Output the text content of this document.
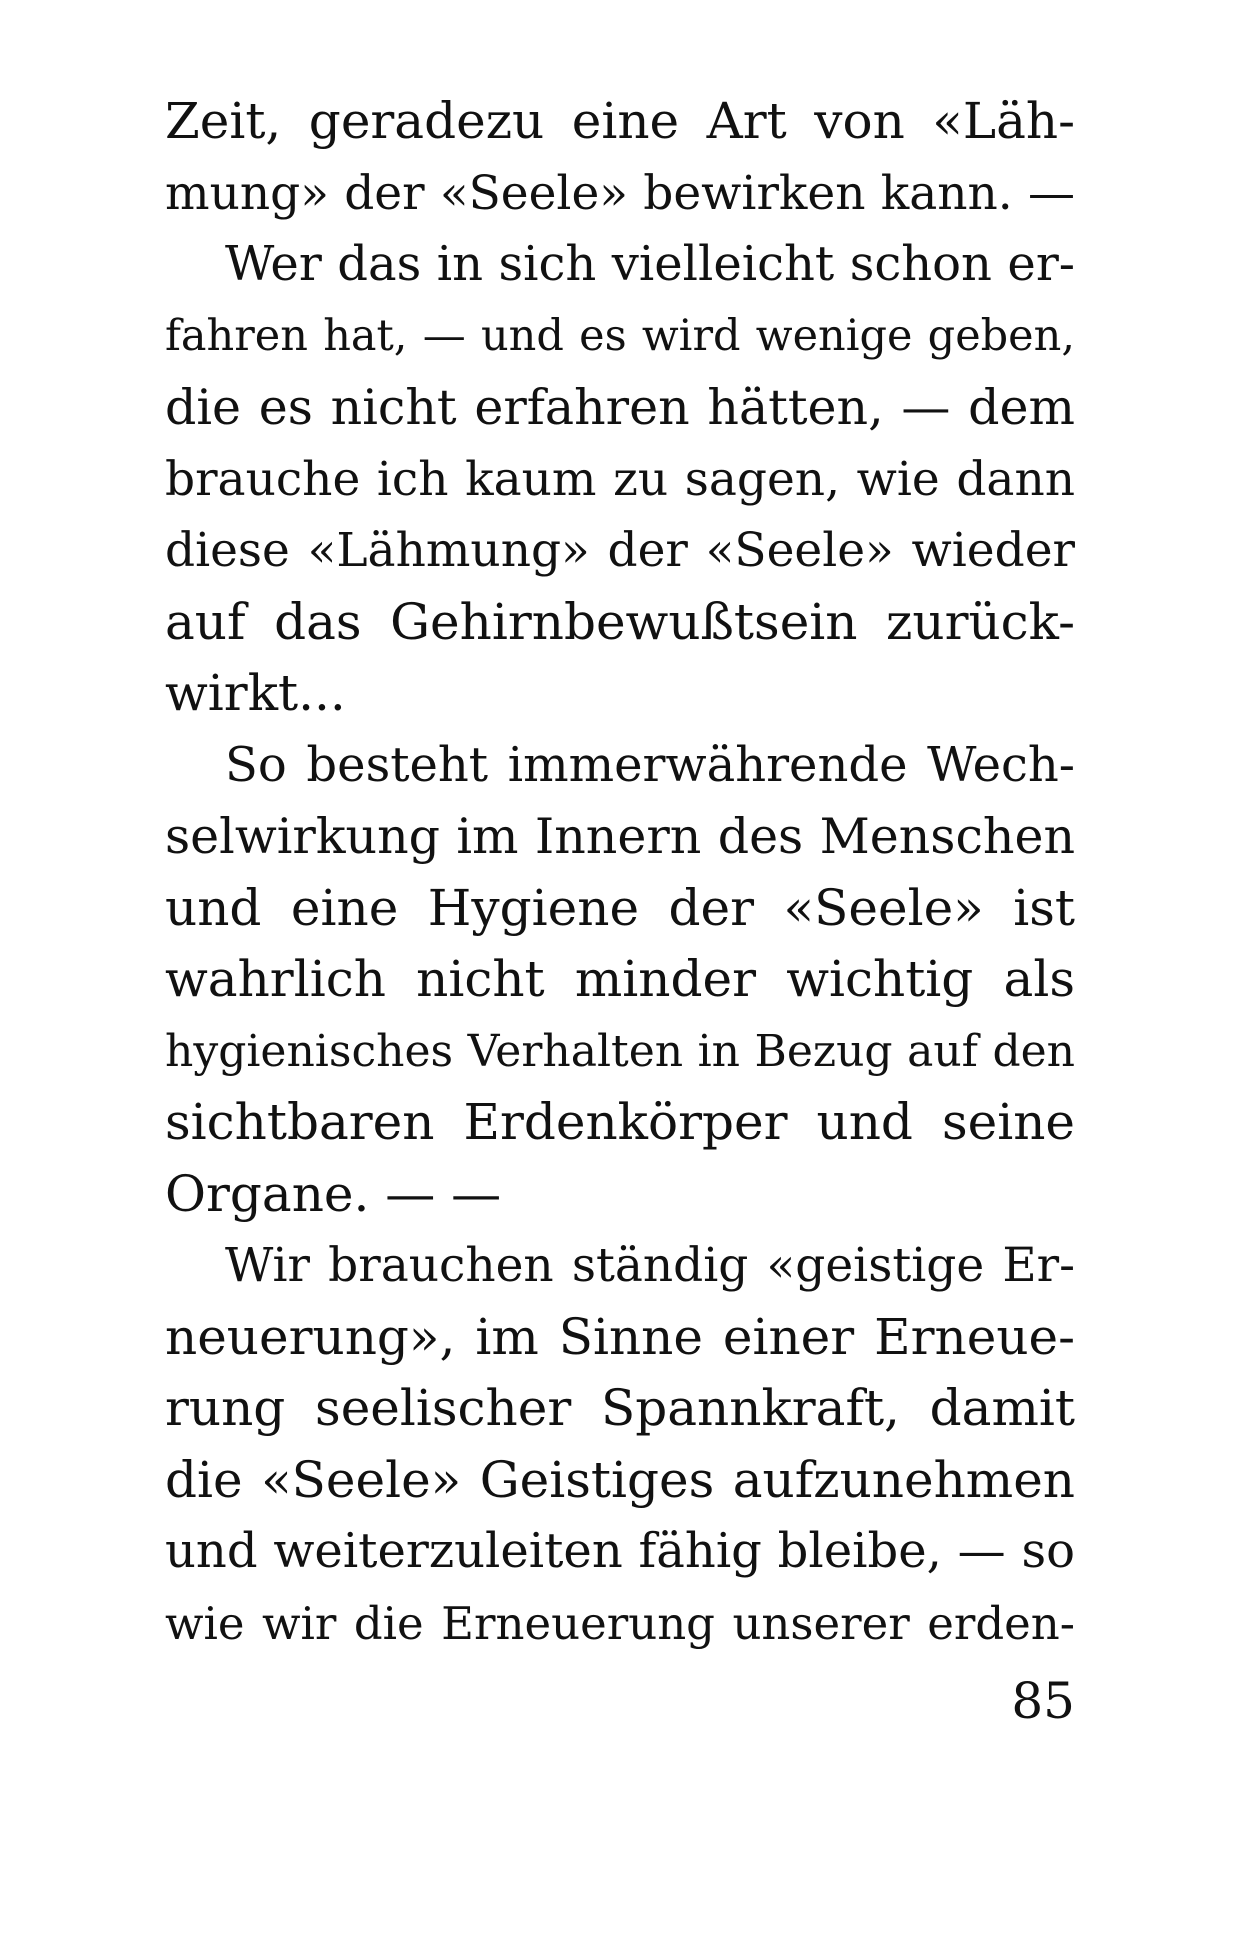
Zeit, geradezu eine Art von «Läh-
mung» der «Seele» bewirken kann. —
Wer das in sich vielleicht schon er-
fahren hat, — und es wird wenige geben,
die es nicht erfahren hätten, — dem
brauche ich kaum zu sagen, wie dann
diese «Lähmung» der «Seele» wieder
auf das Gehirnbewußtsein zurück-
wirkt...
So besteht immerwährende Wech-
selwirkung im Innern des Menschen
und eine Hygiene der «Seele» ist
wahrlich nicht minder wichtig als
hygienisches Verhalten in Bezug auf den
sichtbaren Erdenkörper und seine
Organe. — —
Wir brauchen ständig «geistige Er-
neuerung», im Sinne einer Erneue-
rung seelischer Spannkraft, damit
die «Seele» Geistiges aufzunehmen
und weiterzuleiten fähig bleibe, — so
wie wir die Erneuerung unserer erden-
85
